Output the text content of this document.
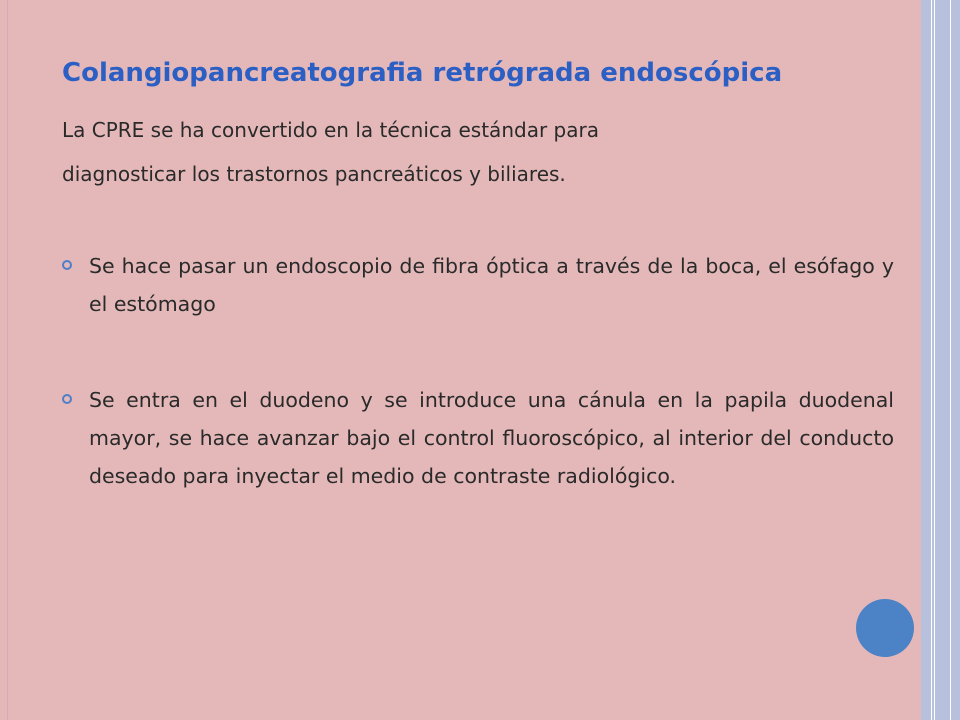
Colangiopancreatografia retrógrada endoscópica
La CPRE se ha convertido en la técnica estándar para
diagnosticar los trastornos pancreáticos y biliares.
Se hace pasar un endoscopio de fibra óptica a través de la boca, el esófago y el estómago
Se entra en el duodeno y se introduce una cánula en la papila duodenal mayor, se hace avanzar bajo el control fluoroscópico, al interior del conducto deseado para inyectar el medio de contraste radiológico.
